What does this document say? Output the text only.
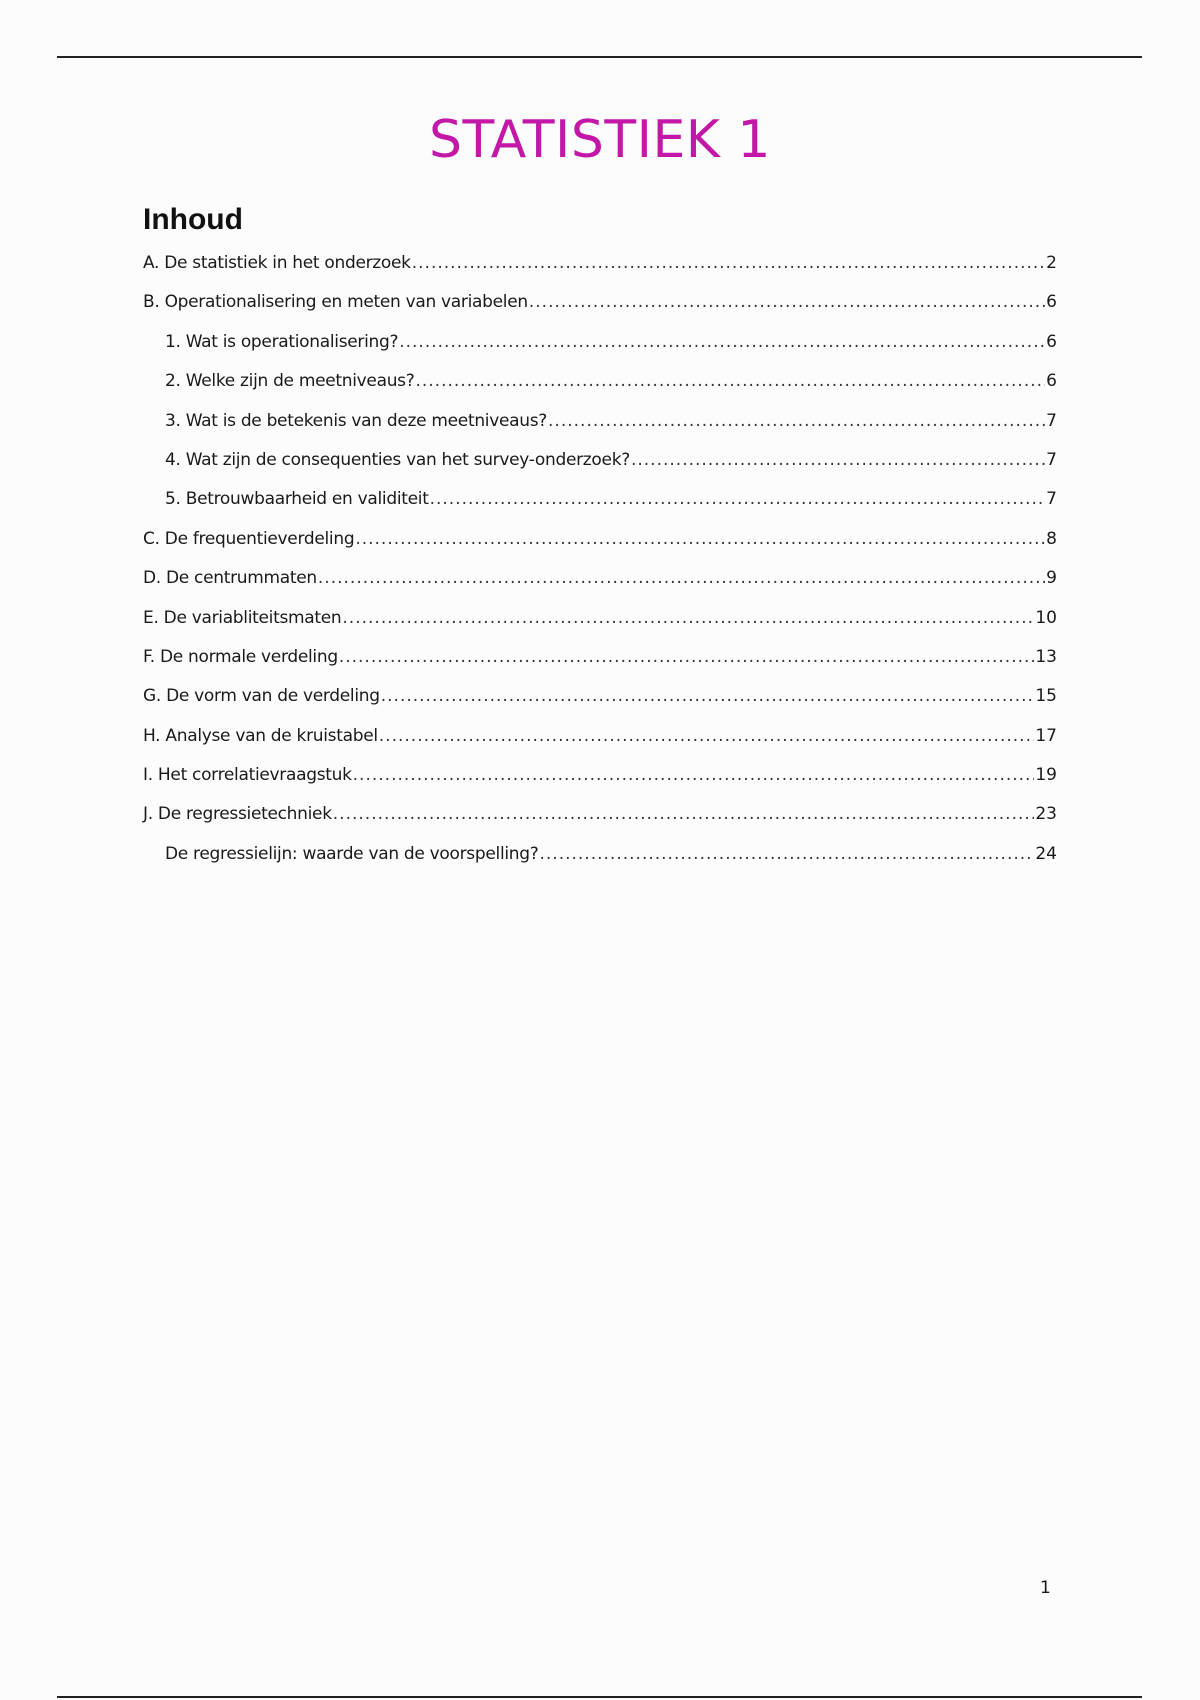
STATISTIEK 1
Inhoud
A. De statistiek in het onderzoek .....	2
B. Operationalisering en meten van variabelen .....	6
1. Wat is operationalisering? .....	6
2. Welke zijn de meetniveaus? .....	6
3. Wat is de betekenis van deze meetniveaus? .....	7
4. Wat zijn de consequenties van het survey-onderzoek? .....	7
5. Betrouwbaarheid en validiteit .....	7
C. De frequentieverdeling .....	8
D. De centrummaten .....	9
E. De variabliteitsmaten .....	10
F. De normale verdeling .....	13
G. De vorm van de verdeling .....	15
H. Analyse van de kruistabel .....	17
I. Het correlatievraagstuk .....	19
J. De regressietechniek .....	23
De regressielijn: waarde van de voorspelling? .....	24
1
